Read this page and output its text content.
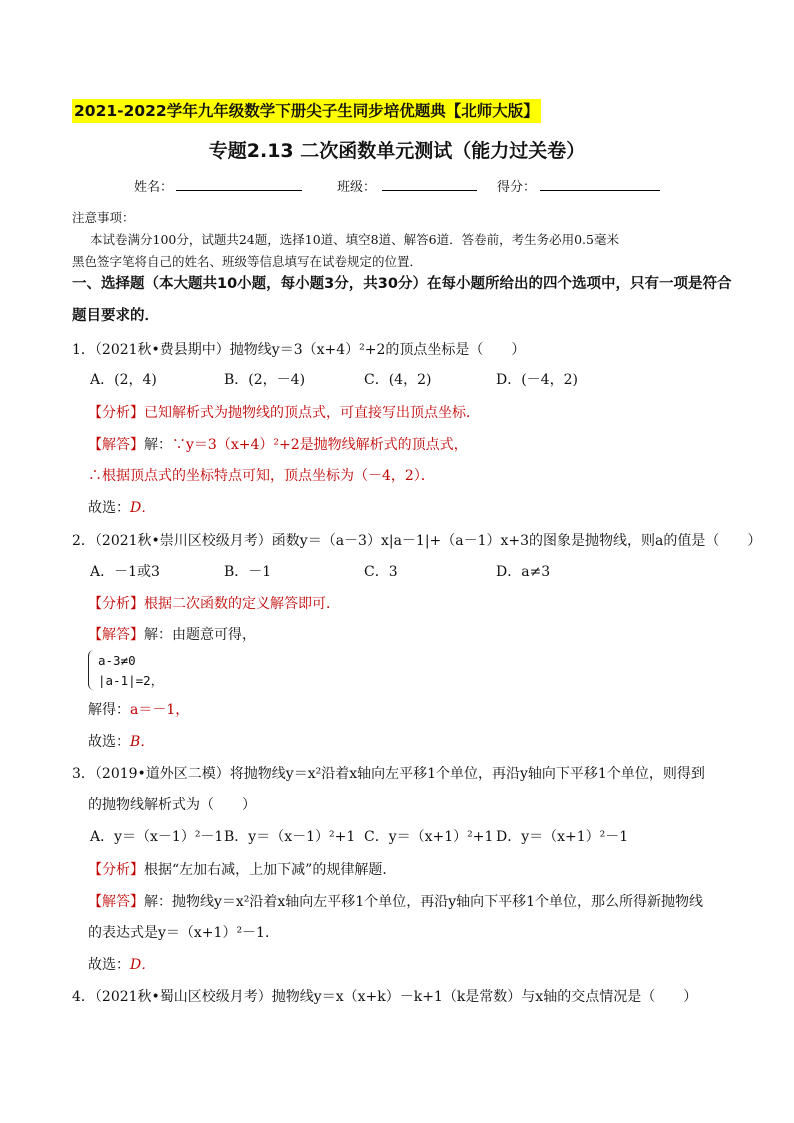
2021-2022学年九年级数学下册尖子生同步培优题典【北师大版】
专题2.13 二次函数单元测试（能力过关卷）
姓名：	班级：	得分：
注意事项：
本试卷满分100分，试题共24题，选择10道、填空8道、解答6道．答卷前，考生务必用0.5毫米
黑色签字笔将自己的姓名、班级等信息填写在试卷规定的位置．
一、选择题（本大题共10小题，每小题3分，共30分）在每小题所给出的四个选项中，只有一项是符合
题目要求的．
1．（2021秋•费县期中）抛物线y＝3（x+4）²+2的顶点坐标是（　　）
A．(2，4)	B．(2，－4)	C．(4，2)	D．(－4，2)
【分析】已知解析式为抛物线的顶点式，可直接写出顶点坐标．
【解答】解：∵y＝3（x+4）²+2是抛物线解析式的顶点式，
∴根据顶点式的坐标特点可知，顶点坐标为（－4，2）．
故选：D．
2．（2021秋•崇川区校级月考）函数y＝（a－3）x|a－1|+（a－1）x+3的图象是抛物线，则a的值是（　　）
A．－1或3	B．－1	C．3	D．a≠3
【分析】根据二次函数的定义解答即可．
【解答】解：由题意可得，
a-3≠0
|a-1|=2，
解得：a＝－1，
故选：B．
3．（2019•道外区二模）将抛物线y＝x²沿着x轴向左平移1个单位，再沿y轴向下平移1个单位，则得到
的抛物线解析式为（　　）
A．y＝（x－1）²－1 B．y＝（x－1）²+1 C．y＝（x+1）²+1 D．y＝（x+1）²－1
【分析】根据“左加右减，上加下减”的规律解题．
【解答】解：抛物线y＝x²沿着x轴向左平移1个单位，再沿y轴向下平移1个单位，那么所得新抛物线
的表达式是y＝（x+1）²－1．
故选：D．
4．（2021秋•蜀山区校级月考）抛物线y＝x（x+k）－k+1（k是常数）与x轴的交点情况是（　　）
